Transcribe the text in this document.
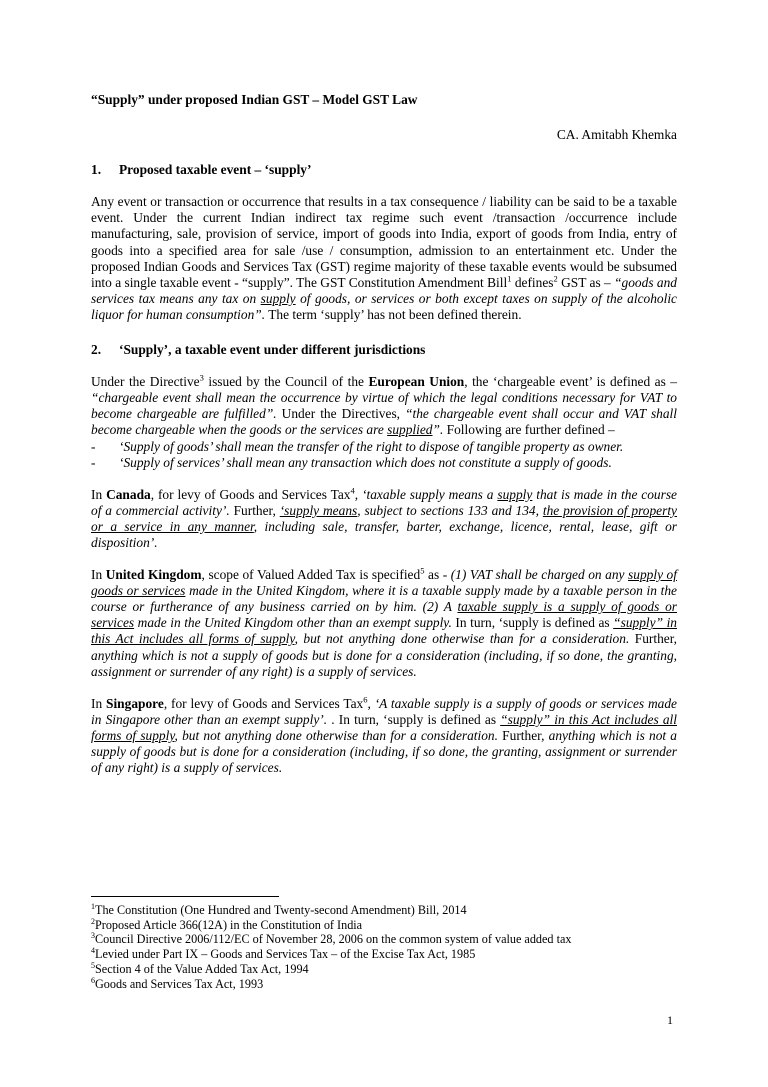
“Supply” under proposed Indian GST – Model GST Law
CA. Amitabh Khemka
1. Proposed taxable event – ‘supply’

Any event or transaction or occurrence that results in a tax consequence / liability can be said to be a taxable event. Under the current Indian indirect tax regime such event /transaction /occurrence include manufacturing, sale, provision of service, import of goods into India, export of goods from India, entry of goods into a specified area for sale /use / consumption, admission to an entertainment etc. Under the proposed Indian Goods and Services Tax (GST) regime majority of these taxable events would be subsumed into a single taxable event - “supply”. The GST Constitution Amendment Bill$^1$ defines$^2$ GST as – “goods and services tax means any tax on supply of goods, or services or both except taxes on supply of the alcoholic liquor for human consumption”. The term ‘supply’ has not been defined therein.

2. ‘Supply’, a taxable event under different jurisdictions

Under the Directive$^3$ issued by the Council of the European Union, the ‘chargeable event’ is defined as – “chargeable event shall mean the occurrence by virtue of which the legal conditions necessary for VAT to become chargeable are fulfilled”. Under the Directives, “the chargeable event shall occur and VAT shall become chargeable when the goods or the services are supplied”. Following are further defined –

- ‘Supply of goods’ shall mean the transfer of the right to dispose of tangible property as owner.
- ‘Supply of services’ shall mean any transaction which does not constitute a supply of goods.

In Canada, for levy of Goods and Services Tax$^4$, ‘taxable supply means a supply that is made in the course of a commercial activity’. Further, ‘supply means, subject to sections 133 and 134, the provision of property or a service in any manner, including sale, transfer, barter, exchange, licence, rental, lease, gift or disposition’.

In United Kingdom, scope of Valued Added Tax is specified$^5$ as - (1) VAT shall be charged on any supply of goods or services made in the United Kingdom, where it is a taxable supply made by a taxable person in the course or furtherance of any business carried on by him. (2) A taxable supply is a supply of goods or services made in the United Kingdom other than an exempt supply. In turn, ‘supply is defined as “supply” in this Act includes all forms of supply, but not anything done otherwise than for a consideration. Further, anything which is not a supply of goods but is done for a consideration (including, if so done, the granting, assignment or surrender of any right) is a supply of services.

In Singapore, for levy of Goods and Services Tax$^6$, ‘A taxable supply is a supply of goods or services made in Singapore other than an exempt supply’. . In turn, ‘supply is defined as “supply” in this Act includes all forms of supply, but not anything done otherwise than for a consideration. Further, anything which is not a supply of goods but is done for a consideration (including, if so done, the granting, assignment or surrender of any right) is a supply of services.

$^1$The Constitution (One Hundred and Twenty-second Amendment) Bill, 2014
$^2$Proposed Article 366(12A) in the Constitution of India
$^3$Council Directive 2006/112/EC of November 28, 2006 on the common system of value added tax
$^4$Levied under Part IX – Goods and Services Tax – of the Excise Tax Act, 1985
$^5$Section 4 of the Value Added Tax Act, 1994
$^6$Goods and Services Tax Act, 1993
1
